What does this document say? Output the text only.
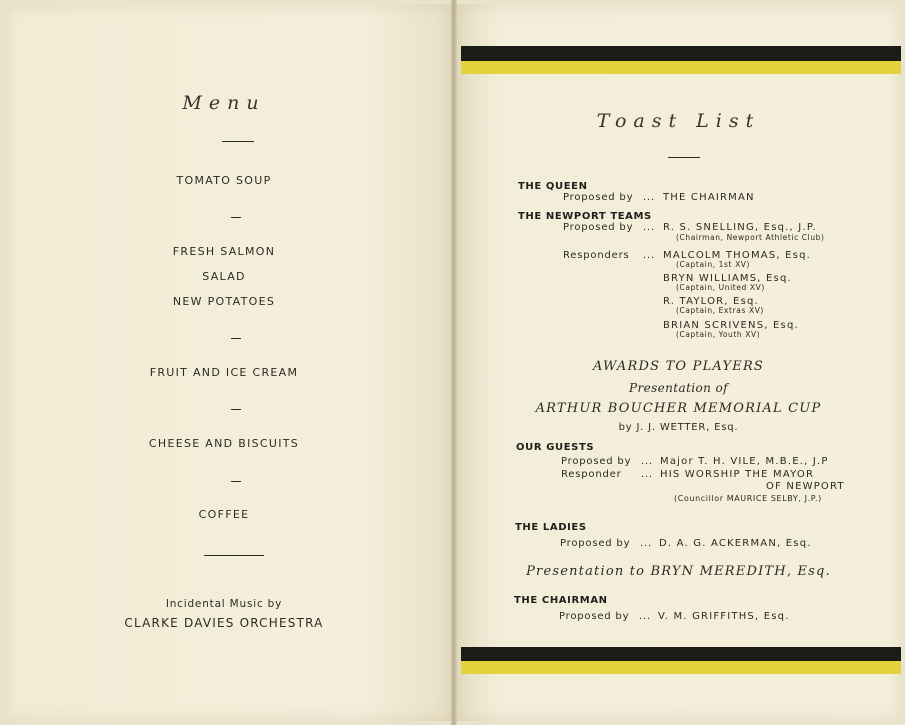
Menu
TOMATO SOUP
FRESH SALMON
SALAD
NEW POTATOES
FRUIT AND ICE CREAM
CHEESE AND BISCUITS
COFFEE
Incidental Music by
CLARKE DAVIES ORCHESTRA
Toast List
THE QUEEN
Proposed by ... THE CHAIRMAN
THE NEWPORT TEAMS
Proposed by ... R. S. SNELLING, Esq., J.P.
(Chairman, Newport Athletic Club)
Responders ... MALCOLM THOMAS, Esq.
(Captain, 1st XV)
BRYN WILLIAMS, Esq.
(Captain, United XV)
R. TAYLOR, Esq.
(Captain, Extras XV)
BRIAN SCRIVENS, Esq.
(Captain, Youth XV)
AWARDS TO PLAYERS
Presentation of
ARTHUR BOUCHER MEMORIAL CUP
by J. J. WETTER, Esq.
OUR GUESTS
Proposed by ... Major T. H. VILE, M.B.E., J.P
Responder ... HIS WORSHIP THE MAYOR
OF NEWPORT
(Councillor MAURICE SELBY, J.P.)
THE LADIES
Proposed by ... D. A. G. ACKERMAN, Esq.
Presentation to BRYN MEREDITH, Esq.
THE CHAIRMAN
Proposed by ... V. M. GRIFFITHS, Esq.
